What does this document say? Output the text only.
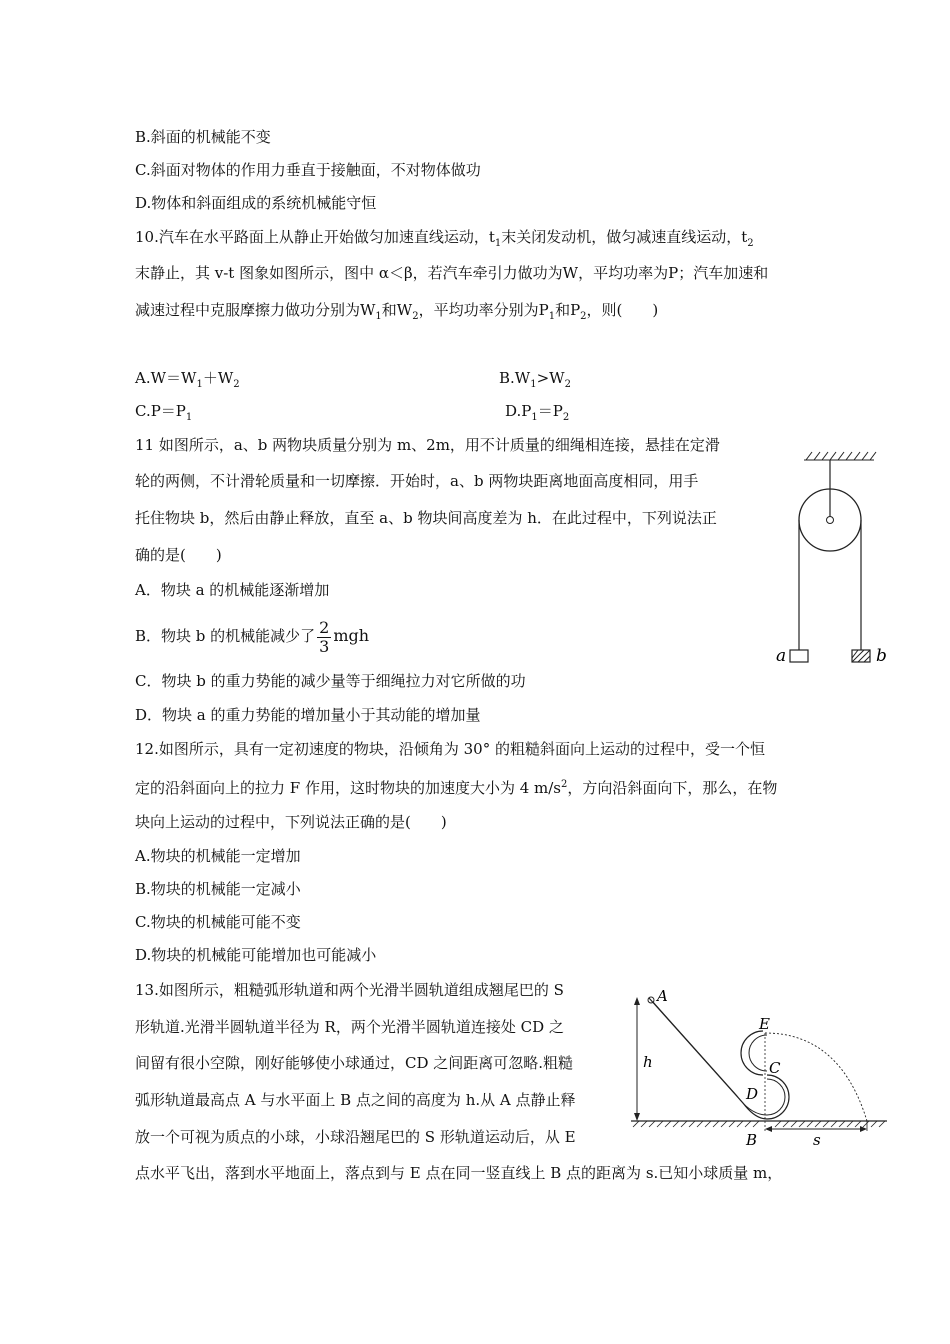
B.斜面的机械能不变
C.斜面对物体的作用力垂直于接触面，不对物体做功
D.物体和斜面组成的系统机械能守恒
10.汽车在水平路面上从静止开始做匀加速直线运动，$t_1$末关闭发动机，做匀减速直线运动，$t_2$
末静止，其 v-t 图象如图所示，图中 α＜β，若汽车牵引力做功为W，平均功率为P；汽车加速和
减速过程中克服摩擦力做功分别为$W_1$和$W_2$，平均功率分别为$P_1$和$P_2$，则(　　)
$A.W=W_1+W_2$	$B.W_1>W_2$
$C.P=P_1$	$D.P_1=P_2$
11 如图所示，a、b 两物块质量分别为 m、2m，用不计质量的细绳相连接，悬挂在定滑
轮的两侧，不计滑轮质量和一切摩擦．开始时，a、b 两物块距离地面高度相同，用手
托住物块 b，然后由静止释放，直至 a、b 物块间高度差为 h．在此过程中，下列说法正
确的是(　　)
A．物块 a 的机械能逐渐增加
B．物块 b 的机械能减少了 $\frac{2}{3}$ mgh
C．物块 b 的重力势能的减少量等于细绳拉力对它所做的功
D．物块 a 的重力势能的增加量小于其动能的增加量
a	b
12.如图所示，具有一定初速度的物块，沿倾角为 30° 的粗糙斜面向上运动的过程中，受一个恒
定的沿斜面向上的拉力 F 作用，这时物块的加速度大小为 4 $m/s^2$，方向沿斜面向下，那么，在物
块向上运动的过程中，下列说法正确的是(　　)
A.物块的机械能一定增加
B.物块的机械能一定减小
C.物块的机械能可能不变
D.物块的机械能可能增加也可能减小
13.如图所示，粗糙弧形轨道和两个光滑半圆轨道组成翘尾巴的 S
形轨道.光滑半圆轨道半径为 R，两个光滑半圆轨道连接处 CD 之
间留有很小空隙，刚好能够使小球通过，CD 之间距离可忽略.粗糙
弧形轨道最高点 A 与水平面上 B 点之间的高度为 h.从 A 点静止释
放一个可视为质点的小球，小球沿翘尾巴的 S 形轨道运动后，从 E
点水平飞出，落到水平地面上，落点到与 E 点在同一竖直线上 B 点的距离为 s.已知小球质量 m，
h
A
s
E
C
D
B
